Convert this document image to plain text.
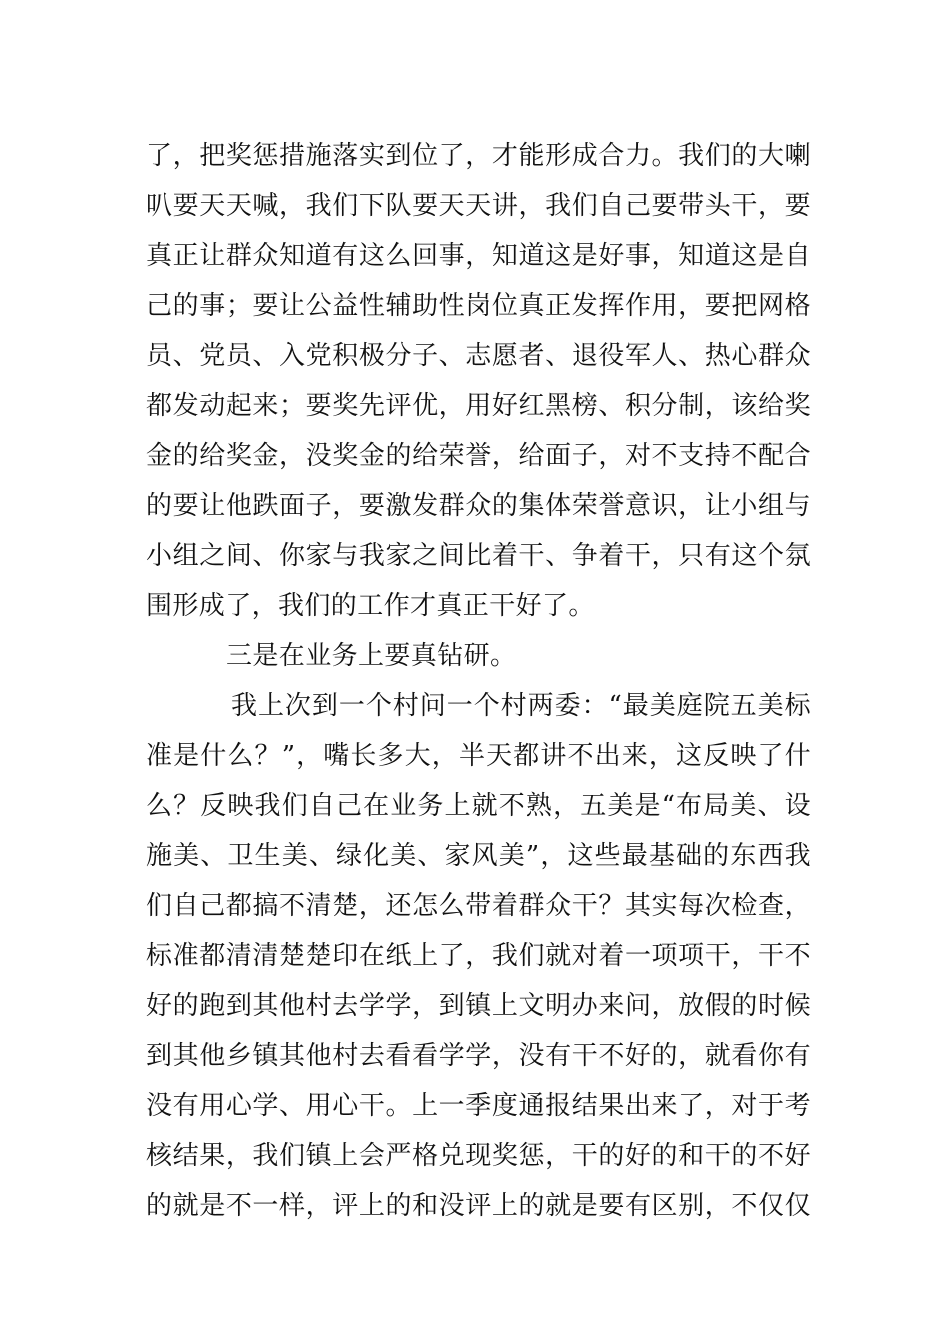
了，把奖惩措施落实到位了，才能形成合力。我们的大喇
叭要天天喊，我们下队要天天讲，我们自己要带头干，要
真正让群众知道有这么回事，知道这是好事，知道这是自
己的事；要让公益性辅助性岗位真正发挥作用，要把网格
员、党员、入党积极分子、志愿者、退役军人、热心群众
都发动起来；要奖先评优，用好红黑榜、积分制，该给奖
金的给奖金，没奖金的给荣誉，给面子，对不支持不配合
的要让他跌面子，要激发群众的集体荣誉意识，让小组与
小组之间、你家与我家之间比着干、争着干，只有这个氛
围形成了，我们的工作才真正干好了。
三是在业务上要真钻研。
我上次到一个村问一个村两委：“最美庭院五美标
准是什么？”，嘴长多大，半天都讲不出来，这反映了什
么？反映我们自己在业务上就不熟，五美是“布局美、设
施美、卫生美、绿化美、家风美”，这些最基础的东西我
们自己都搞不清楚，还怎么带着群众干？其实每次检查，
标准都清清楚楚印在纸上了，我们就对着一项项干，干不
好的跑到其他村去学学，到镇上文明办来问，放假的时候
到其他乡镇其他村去看看学学，没有干不好的，就看你有
没有用心学、用心干。上一季度通报结果出来了，对于考
核结果，我们镇上会严格兑现奖惩，干的好的和干的不好
的就是不一样，评上的和没评上的就是要有区别，不仅仅
